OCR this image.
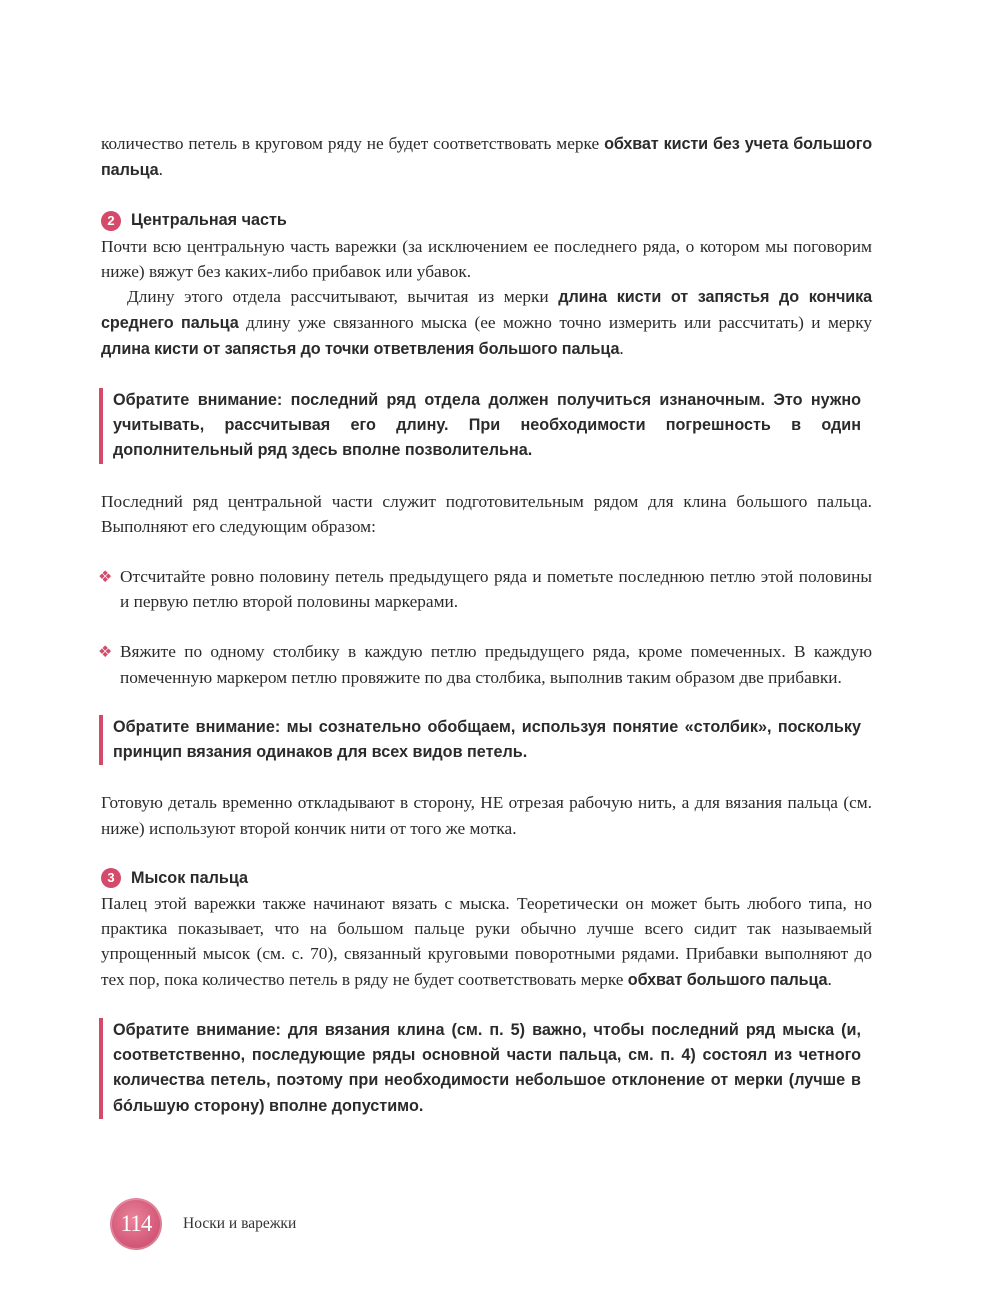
количество петель в круговом ряду не будет соответствовать мерке обхват кисти без учета большого пальца.

2	Центральная часть

Почти всю центральную часть варежки (за исключением ее последнего ряда, о котором мы поговорим ниже) вяжут без каких-либо прибавок или убавок.

Длину этого отдела рассчитывают, вычитая из мерки длина кисти от запястья до кончика среднего пальца длину уже связанного мыска (ее можно точно измерить или рассчитать) и мерку длина кисти от запястья до точки ответвления большого пальца.

Обратите внимание: последний ряд отдела должен получиться изнаночным. Это нужно учитывать, рассчитывая его длину. При необходимости погрешность в один дополнительный ряд здесь вполне позволительна.

Последний ряд центральной части служит подготовительным рядом для клина большого пальца. Выполняют его следующим образом:

❖ Отсчитайте ровно половину петель предыдущего ряда и пометьте последнюю петлю этой половины и первую петлю второй половины маркерами.
❖ Вяжите по одному столбику в каждую петлю предыдущего ряда, кроме помеченных. В каждую помеченную маркером петлю провяжите по два столбика, выполнив таким образом две прибавки.
Обратите внимание: мы сознательно обобщаем, используя понятие «столбик», поскольку принцип вязания одинаков для всех видов петель.

Готовую деталь временно откладывают в сторону, НЕ отрезая рабочую нить, а для вязания пальца (см. ниже) используют второй кончик нити от того же мотка.

3	Мысок пальца

Палец этой варежки также начинают вязать с мыска. Теоретически он может быть любого типа, но практика показывает, что на большом пальце руки обычно лучше всего сидит так называемый упрощенный мысок (см. с. 70), связанный круговыми поворотными рядами. Прибавки выполняют до тех пор, пока количество петель в ряду не будет соответствовать мерке обхват большого пальца.

Обратите внимание: для вязания клина (см. п. 5) важно, чтобы последний ряд мыска (и, соответственно, последующие ряды основной части пальца, см. п. 4) состоял из четного количества петель, поэтому при необходимости небольшое отклонение от мерки (лучше в бóльшую сторону) вполне допустимо.
114	Носки и варежки
